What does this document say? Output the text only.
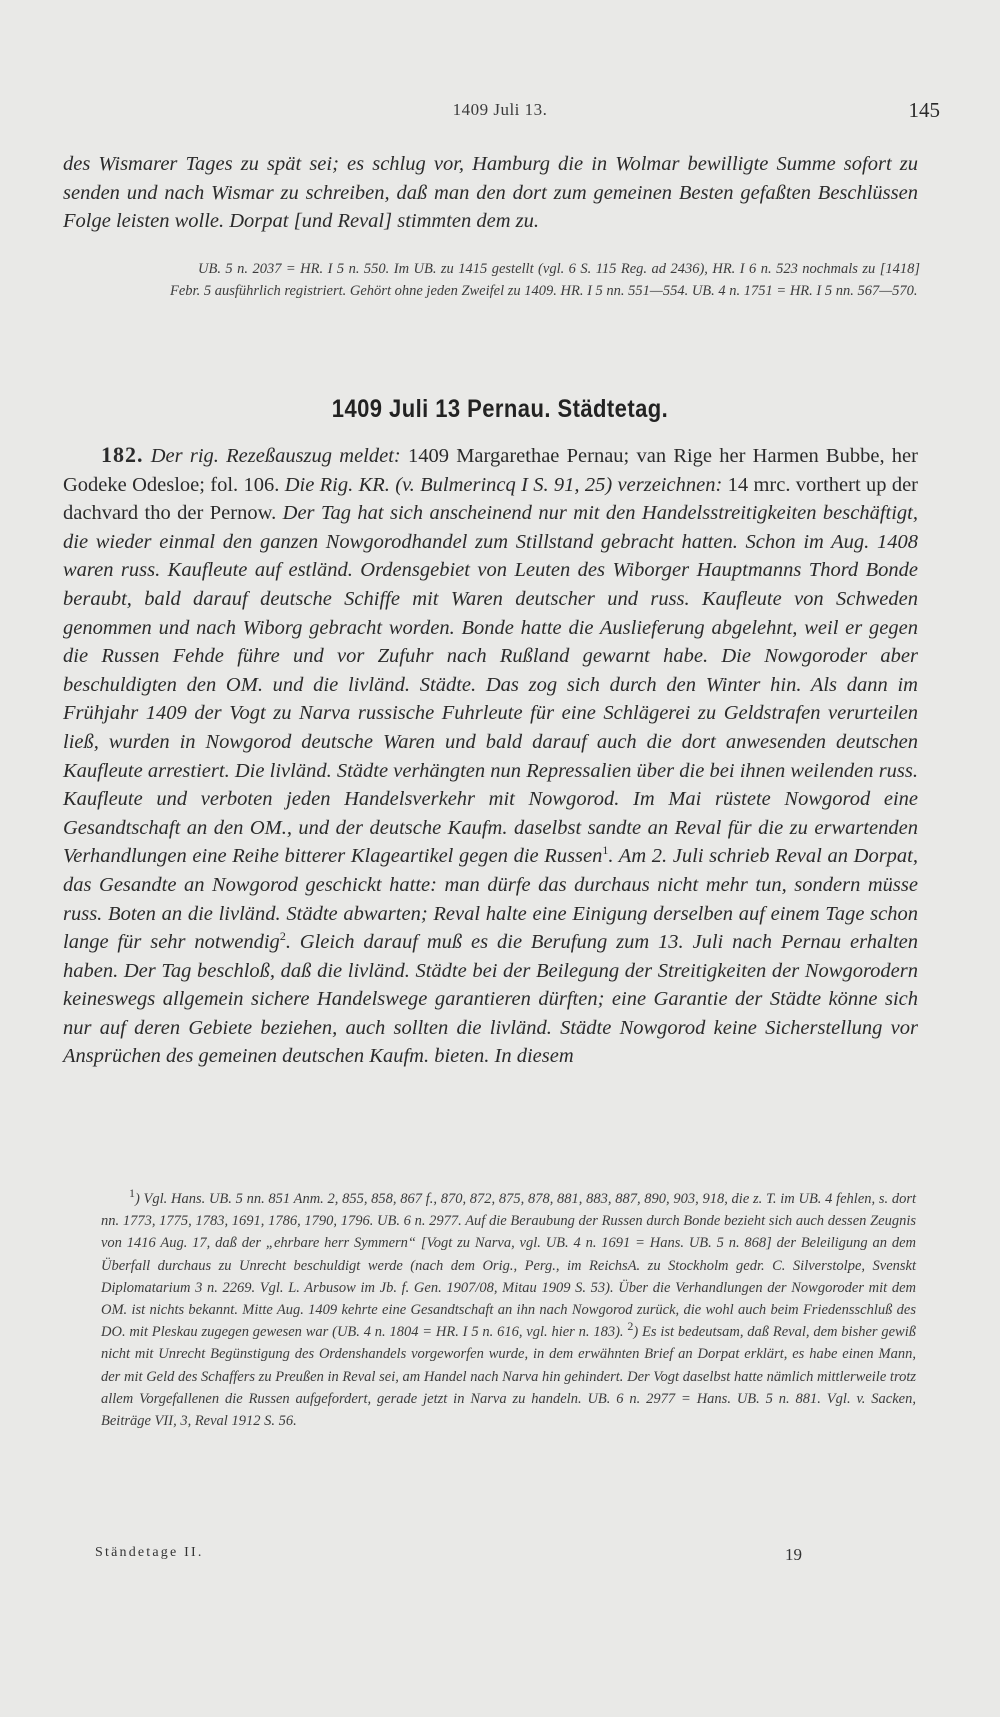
1409 Juli 13.	145
des Wismarer Tages zu spät sei; es schlug vor, Hamburg die in Wolmar bewilligte Summe sofort zu senden und nach Wismar zu schreiben, daß man den dort zum gemeinen Besten gefaßten Beschlüssen Folge leisten wolle. Dorpat [und Reval] stimmten dem zu.
UB. 5 n. 2037 = HR. I 5 n. 550. Im UB. zu 1415 gestellt (vgl. 6 S. 115 Reg. ad 2436), HR. I 6 n. 523 nochmals zu [1418] Febr. 5 ausführlich registriert. Gehört ohne jeden Zweifel zu 1409. HR. I 5 nn. 551—554. UB. 4 n. 1751 = HR. I 5 nn. 567—570.
1409 Juli 13 Pernau. Städtetag.
182. Der rig. Rezeßauszug meldet: 1409 Margarethae Pernau; van Rige her Harmen Bubbe, her Godeke Odesloe; fol. 106. Die Rig. KR. (v. Bulmerincq I S. 91, 25) verzeichnen: 14 mrc. vorthert up der dachvard tho der Pernow. Der Tag hat sich anscheinend nur mit den Handelsstreitigkeiten beschäftigt, die wieder einmal den ganzen Nowgorodhandel zum Stillstand gebracht hatten. Schon im Aug. 1408 waren russ. Kaufleute auf estländ. Ordensgebiet von Leuten des Wiborger Hauptmanns Thord Bonde beraubt, bald darauf deutsche Schiffe mit Waren deutscher und russ. Kaufleute von Schweden genommen und nach Wiborg gebracht worden. Bonde hatte die Auslieferung abgelehnt, weil er gegen die Russen Fehde führe und vor Zufuhr nach Rußland gewarnt habe. Die Nowgoroder aber beschuldigten den OM. und die livländ. Städte. Das zog sich durch den Winter hin. Als dann im Frühjahr 1409 der Vogt zu Narva russische Fuhrleute für eine Schlägerei zu Geldstrafen verurteilen ließ, wurden in Nowgorod deutsche Waren und bald darauf auch die dort anwesenden deutschen Kaufleute arrestiert. Die livländ. Städte verhängten nun Repressalien über die bei ihnen weilenden russ. Kaufleute und verboten jeden Handelsverkehr mit Nowgorod. Im Mai rüstete Nowgorod eine Gesandtschaft an den OM., und der deutsche Kaufm. daselbst sandte an Reval für die zu erwartenden Verhandlungen eine Reihe bitterer Klageartikel gegen die Russen$^1$. Am 2. Juli schrieb Reval an Dorpat, das Gesandte an Nowgorod geschickt hatte: man dürfe das durchaus nicht mehr tun, sondern müsse russ. Boten an die livländ. Städte abwarten; Reval halte eine Einigung derselben auf einem Tage schon lange für sehr notwendig$^2$. Gleich darauf muß es die Berufung zum 13. Juli nach Pernau erhalten haben. Der Tag beschloß, daß die livländ. Städte bei der Beilegung der Streitigkeiten der Nowgorodern keineswegs allgemein sichere Handelswege garantieren dürften; eine Garantie der Städte könne sich nur auf deren Gebiete beziehen, auch sollten die livländ. Städte Nowgorod keine Sicherstellung vor Ansprüchen des gemeinen deutschen Kaufm. bieten. In diesem
$^1$) Vgl. Hans. UB. 5 nn. 851 Anm. 2, 855, 858, 867 f., 870, 872, 875, 878, 881, 883, 887, 890, 903, 918, die z. T. im UB. 4 fehlen, s. dort nn. 1773, 1775, 1783, 1691, 1786, 1790, 1796. UB. 6 n. 2977. Auf die Beraubung der Russen durch Bonde bezieht sich auch dessen Zeugnis von 1416 Aug. 17, daß der „ehrbare herr Symmern“ [Vogt zu Narva, vgl. UB. 4 n. 1691 = Hans. UB. 5 n. 868] der Beleiligung an dem Überfall durchaus zu Unrecht beschuldigt werde (nach dem Orig., Perg., im ReichsA. zu Stockholm gedr. C. Silverstolpe, Svenskt Diplomatarium 3 n. 2269. Vgl. L. Arbusow im Jb. f. Gen. 1907/08, Mitau 1909 S. 53). Über die Verhandlungen der Nowgoroder mit dem OM. ist nichts bekannt. Mitte Aug. 1409 kehrte eine Gesandtschaft an ihn nach Nowgorod zurück, die wohl auch beim Friedensschluß des DO. mit Pleskau zugegen gewesen war (UB. 4 n. 1804 = HR. I 5 n. 616, vgl. hier n. 183). $^2$) Es ist bedeutsam, daß Reval, dem bisher gewiß nicht mit Unrecht Begünstigung des Ordenshandels vorgeworfen wurde, in dem erwähnten Brief an Dorpat erklärt, es habe einen Mann, der mit Geld des Schaffers zu Preußen in Reval sei, am Handel nach Narva hin gehindert. Der Vogt daselbst hatte nämlich mittlerweile trotz allem Vorgefallenen die Russen aufgefordert, gerade jetzt in Narva zu handeln. UB. 6 n. 2977 = Hans. UB. 5 n. 881. Vgl. v. Sacken, Beiträge VII, 3, Reval 1912 S. 56.
Ständetage II.	19
